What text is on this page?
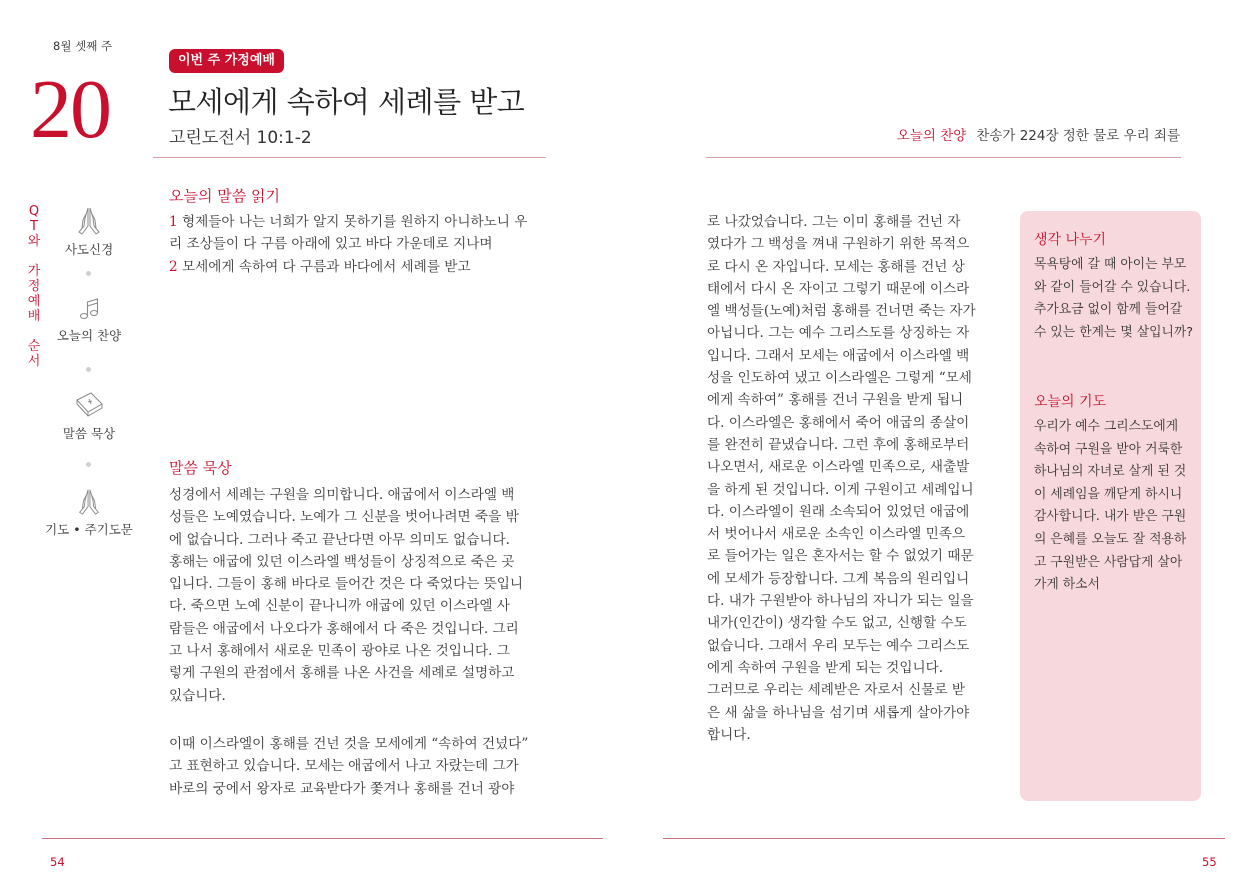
8월 셋째 주
20
이번 주 가정예배
모세에게 속하여 세례를 받고
고린도전서 10:1-2	오늘의 찬양 찬송가 224장 정한 물로 우리 죄를
Q
T
와
가
정
예
배
순
서
사도신경
오늘의 찬양
말씀 묵상
기도 • 주기도문
오늘의 말씀 읽기
1 형제들아 나는 너희가 알지 못하기를 원하지 아니하노니 우
리 조상들이 다 구름 아래에 있고 바다 가운데로 지나며
2 모세에게 속하여 다 구름과 바다에서 세례를 받고
말씀 묵상
성경에서 세례는 구원을 의미합니다. 애굽에서 이스라엘 백
성들은 노예였습니다. 노예가 그 신분을 벗어나려면 죽을 밖
에 없습니다. 그러나 죽고 끝난다면 아무 의미도 없습니다.
홍해는 애굽에 있던 이스라엘 백성들이 상징적으로 죽은 곳
입니다. 그들이 홍해 바다로 들어간 것은 다 죽었다는 뜻입니
다. 죽으면 노예 신분이 끝나니까 애굽에 있던 이스라엘 사
람들은 애굽에서 나오다가 홍해에서 다 죽은 것입니다. 그리
고 나서 홍해에서 새로운 민족이 광야로 나온 것입니다. 그
렇게 구원의 관점에서 홍해를 나온 사건을 세례로 설명하고
있습니다.
이때 이스라엘이 홍해를 건넌 것을 모세에게 “속하여 건넜다”
고 표현하고 있습니다. 모세는 애굽에서 나고 자랐는데 그가
바로의 궁에서 왕자로 교육받다가 쫓겨나 홍해를 건너 광야
로 나갔었습니다. 그는 이미 홍해를 건넌 자
였다가 그 백성을 껴내 구원하기 위한 목적으
로 다시 온 자입니다. 모세는 홍해를 건넌 상
태에서 다시 온 자이고 그렇기 때문에 이스라
엘 백성들(노예)처럼 홍해를 건너면 죽는 자가
아닙니다. 그는 예수 그리스도를 상징하는 자
입니다. 그래서 모세는 애굽에서 이스라엘 백
성을 인도하여 냈고 이스라엘은 그렇게 “모세
에게 속하여” 홍해를 건너 구원을 받게 됩니
다. 이스라엘은 홍해에서 죽어 애굽의 종살이
를 완전히 끝냈습니다. 그런 후에 홍해로부터
나오면서, 새로운 이스라엘 민족으로, 새출발
을 하게 된 것입니다. 이게 구원이고 세례입니
다. 이스라엘이 원래 소속되어 있었던 애굽에
서 벗어나서 새로운 소속인 이스라엘 민족으
로 들어가는 일은 혼자서는 할 수 없었기 때문
에 모세가 등장합니다. 그게 복음의 원리입니
다. 내가 구원받아 하나님의 자니가 되는 일을
내가(인간이) 생각할 수도 없고, 신행할 수도
없습니다. 그래서 우리 모두는 예수 그리스도
에게 속하여 구원을 받게 되는 것입니다.
그러므로 우리는 세례받은 자로서 신물로 받
은 새 삶을 하나님을 섬기며 새롭게 살아가야
합니다.
생각 나누기
목욕탕에 갈 때 아이는 부모
와 같이 들어갈 수 있습니다.
추가요금 없이 함께 들어갈
수 있는 한계는 몇 살입니까?
오늘의 기도
우리가 예수 그리스도에게
속하여 구원을 받아 거룩한
하나님의 자녀로 살게 된 것
이 세례임을 깨닫게 하시니
감사합니다. 내가 받은 구원
의 은혜를 오늘도 잘 적용하
고 구원받은 사람답게 살아
가게 하소서
54	55
